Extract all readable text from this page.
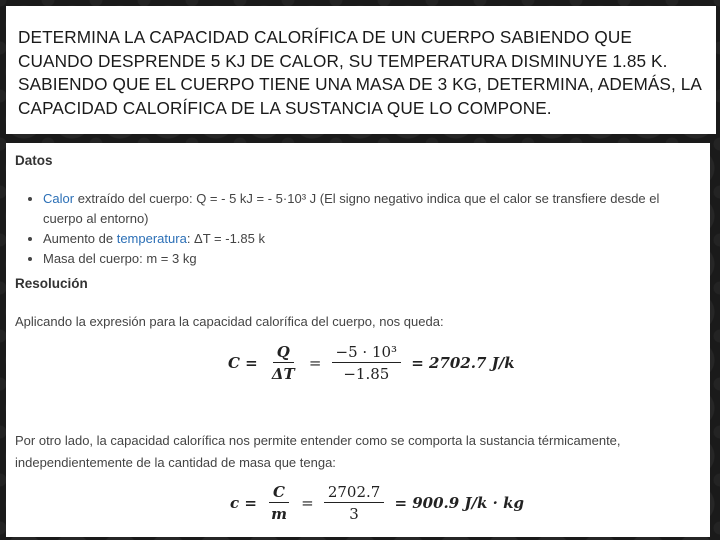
DETERMINA LA CAPACIDAD CALORÍFICA DE UN CUERPO SABIENDO QUE CUANDO DESPRENDE 5 KJ DE CALOR, SU TEMPERATURA DISMINUYE 1.85 K. SABIENDO QUE EL CUERPO TIENE UNA MASA DE 3 KG, DETERMINA, ADEMÁS, LA CAPACIDAD CALORÍFICA DE LA SUSTANCIA QUE LO COMPONE.

Datos
• Calor extraído del cuerpo: Q = - 5 kJ = - 5·10³ J (El signo negativo indica que el calor se transfiere desde el cuerpo al entorno)
• Aumento de temperatura: ΔT = -1.85 k
• Masa del cuerpo: m = 3 kg
Resolución
Aplicando la expresión para la capacidad calorífica del cuerpo, nos queda:
$C = \frac{Q}{\Delta T} = \frac{\text{−5 · 10³}}{-1.85} = 2702.7$ J/k
Por otro lado, la capacidad calorífica nos permite entender como se comporta la sustancia térmicamente, independientemente de la cantidad de masa que tenga:
$c = \frac{C}{m} = \frac{2702.7}{3} = 900.9$ J/k · kg
